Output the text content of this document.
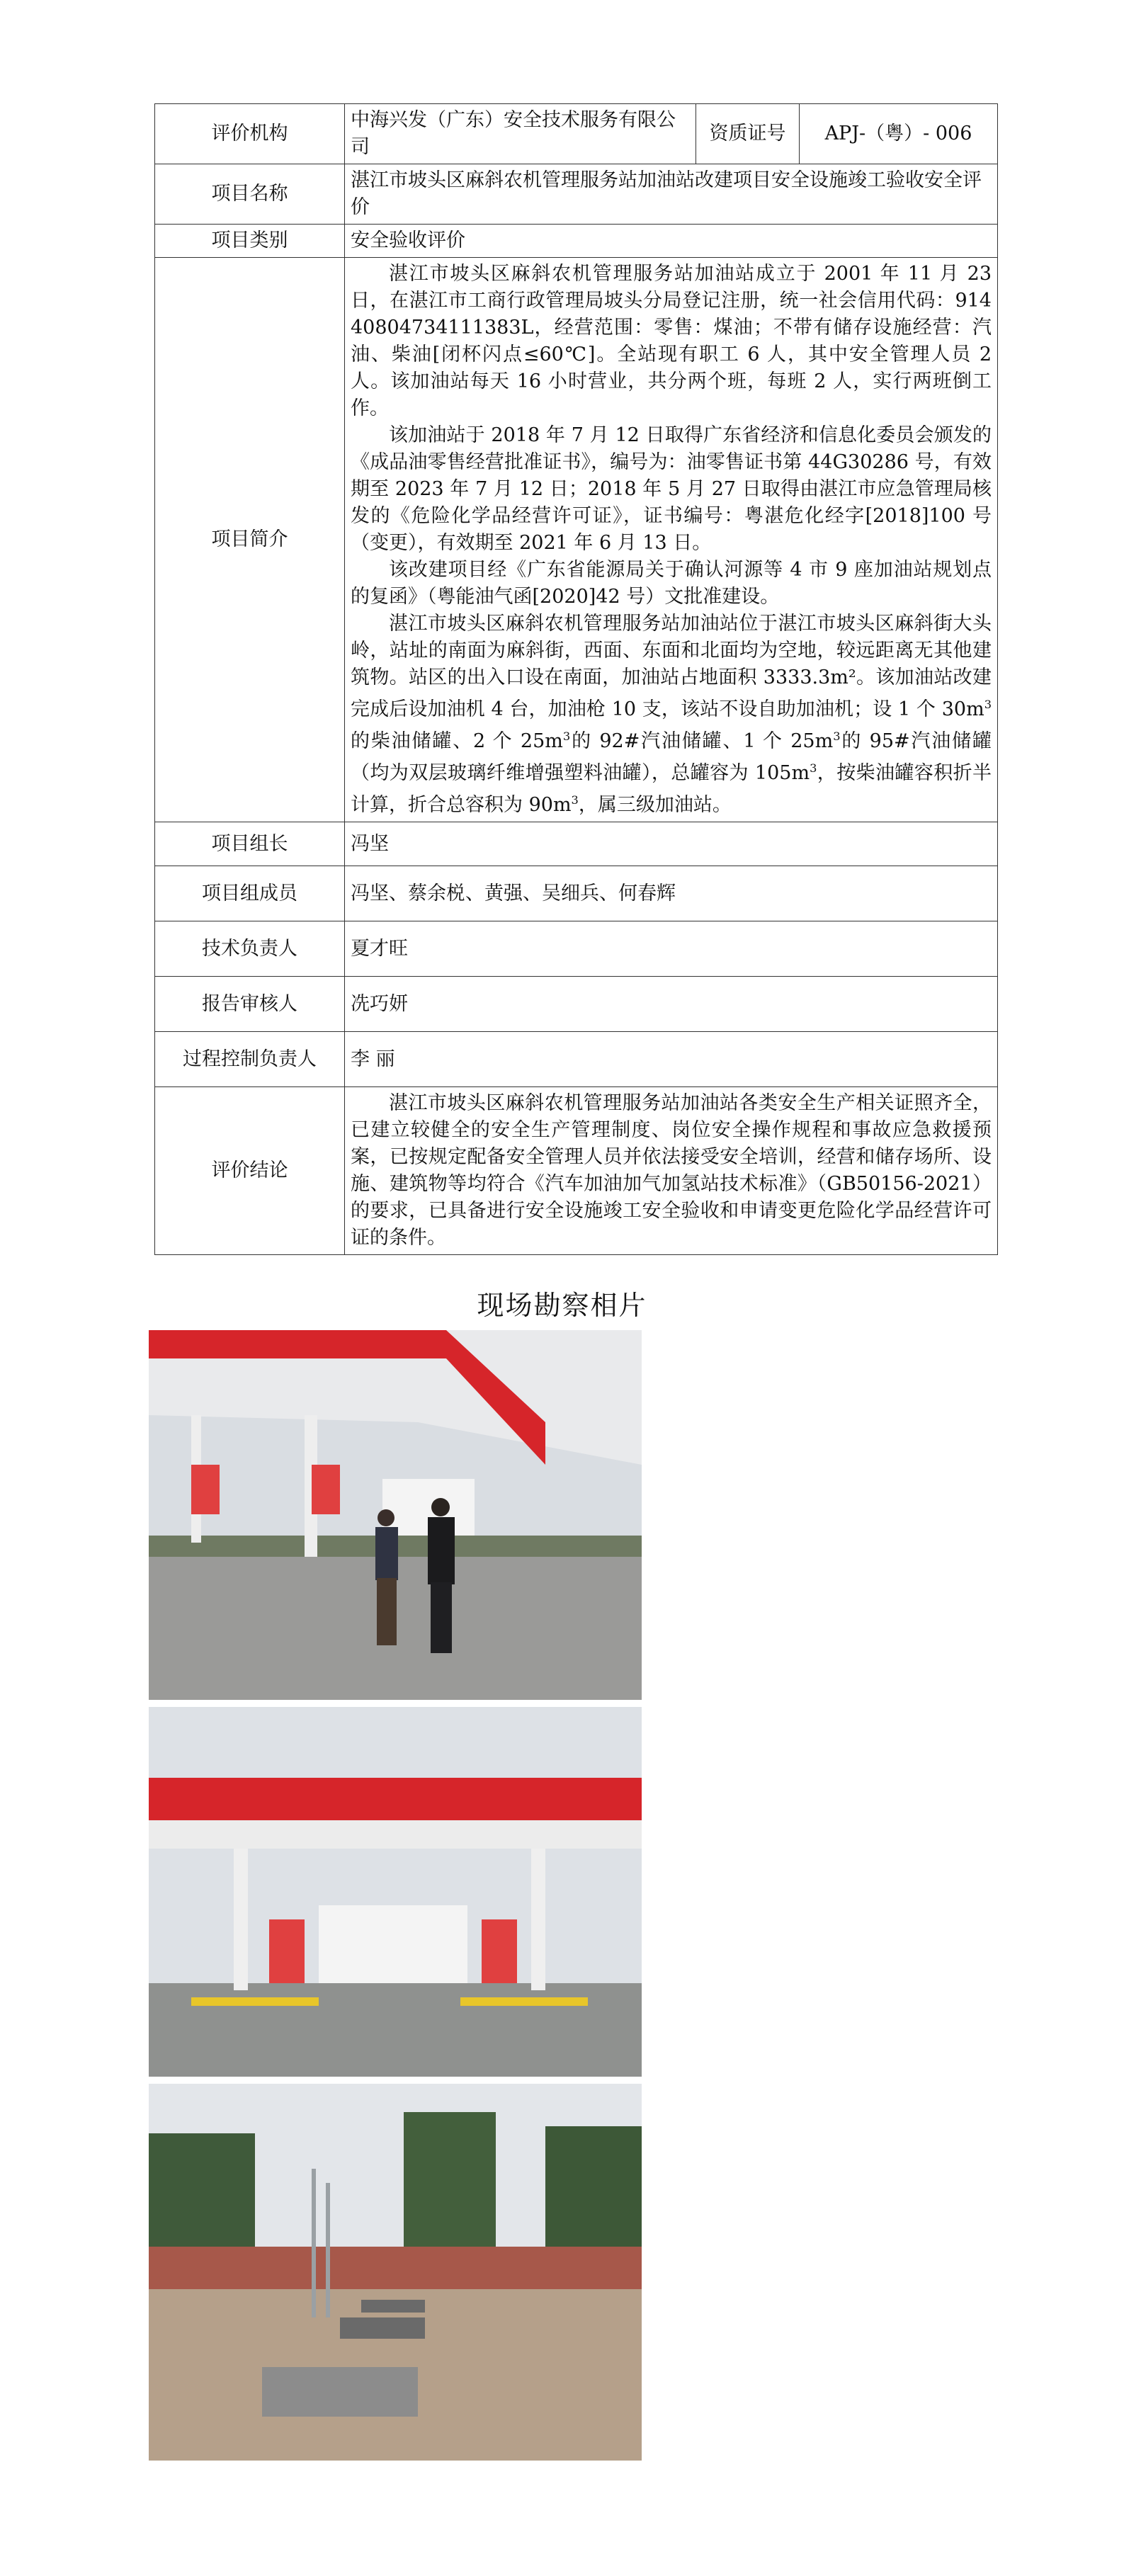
评价机构	中海兴发（广东）安全技术服务有限公司	资质证号	APJ-（粤）- 006
项目名称	湛江市坡头区麻斜农机管理服务站加油站改建项目安全设施竣工验收安全评价		
项目类别	安全验收评价		
项目简介	湛江市坡头区麻斜农机管理服务站加油站成立于 2001 年 11 月 23 日，在湛江市工商行政管理局坡头分局登记注册，统一社会信用代码：91440804734111383L，经营范围：零售：煤油；不带有储存设施经营：汽油、柴油[闭杯闪点≤60℃]。全站现有职工 6 人，其中安全管理人员 2 人。该加油站每天 16 小时营业，共分两个班，每班 2 人，实行两班倒工作。

该加油站于 2018 年 7 月 12 日取得广东省经济和信息化委员会颁发的《成品油零售经营批准证书》，编号为：油零售证书第 44G30286 号，有效期至 2023 年 7 月 12 日；2018 年 5 月 27 日取得由湛江市应急管理局核发的《危险化学品经营许可证》，证书编号：粤湛危化经字[2018]100 号（变更），有效期至 2021 年 6 月 13 日。

该改建项目经《广东省能源局关于确认河源等 4 市 9 座加油站规划点的复函》（粤能油气函[2020]42 号）文批准建设。

湛江市坡头区麻斜农机管理服务站加油站位于湛江市坡头区麻斜街大头岭，站址的南面为麻斜街，西面、东面和北面均为空地，较远距离无其他建筑物。站区的出入口设在南面，加油站占地面积 3333.3m²。该加油站改建完成后设加油机 4 台，加油枪 10 支，该站不设自助加油机；设 1 个 $30m^3$的柴油储罐、2 个 $25m^3$的 92#汽油储罐、1 个 $25m^3$的 95#汽油储罐（均为双层玻璃纤维增强塑料油罐），总罐容为 $105m^3$，按柴油罐容积折半计算，折合总容积为 $90m^3$，属三级加油站。		

项目组长	冯坚		
项目组成员	冯坚、蔡余棁、黄强、吴细兵、何春辉		
技术负责人	夏才旺		
报告审核人	冼巧妍		
过程控制负责人	李 丽		
评价结论	湛江市坡头区麻斜农机管理服务站加油站各类安全生产相关证照齐全，已建立较健全的安全生产管理制度、岗位安全操作规程和事故应急救援预案，已按规定配备安全管理人员并依法接受安全培训，经营和储存场所、设施、建筑物等均符合《汽车加油加气加氢站技术标准》（GB50156-2021）的要求，已具备进行安全设施竣工安全验收和申请变更危险化学品经营许可证的条件。		

现场勘察相片
